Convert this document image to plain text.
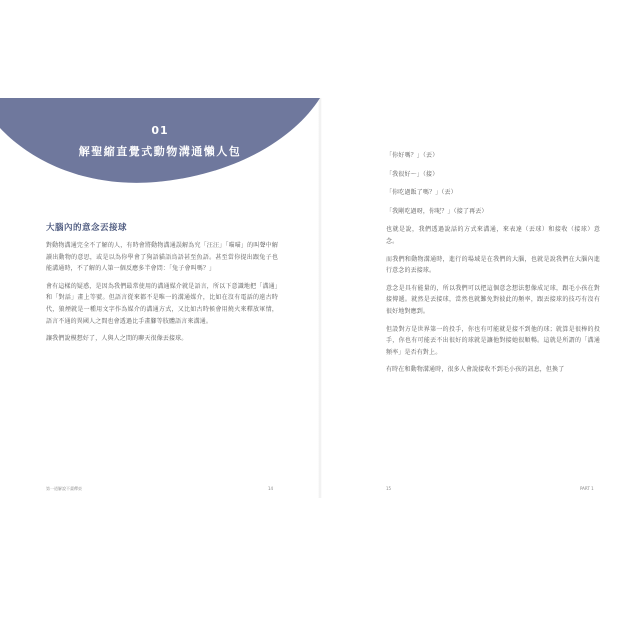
01
解聖縮直覺式動物溝通懶人包
大腦內的意念丟接球

對動物溝通完全不了解的人，有時會將動物溝通誤解為究「汪汪」「喵喵」的叫聲中解讀出動物的意思，或是以為你學會了狗語貓語鳥語甚至魚語。甚至當你提出跟兔子也能溝通時，不了解的人第一個反應多半會問：「兔子會叫嗎？」

會有這樣的疑惑，是因為我們最常使用的溝通媒介就是語言，所以下意識地把「溝通」和「對話」畫上等號。但語言從來都不是唯一的溝通媒介，比如在沒有電話的遠古時代，狼煙就是一種用文字作為媒介的溝通方式，又比如古時候會用燒火來釋放軍情，語言不通的異國人之間也會透過比手畫腳等肢體語言來溝通。

讓我們說模想好了，人與人之間的聊天很像丟接球。

「你好嗎？」（丟）

「我很好～」（接）

「你吃過飯了嗎？」（丟）

「我剛吃過呀，你呢？」（接了再丟）

也就是說，我們透過說話的方式來溝通，來表達（丟球）和接收（接球）意念。

而我們和動物溝通時，進行的場域是在我們的大腦，也就是說我們在大腦內進行意念的丟接球。

意念是具有能量的，所以我們可以把這個意念想法想像成足球，跟毛小孩在對接傳遞。就然是丟接球，當然也就難免對彼此的頻率，跟丟接球的技巧有沒有很好地對應到。

但設對方是世界第一的投手，你也有可能就是接不到他的球；就算是很棒的投手，你也有可能丟不出很好的球就是讓他對接她很順暢。這就是所謂的「溝通頻率」是否有對上。

有時在和動物溝通時，很多人會說接收不到毛小孩的訊息，但換了

第一道解說不畫釋束	14	15	PART 1
